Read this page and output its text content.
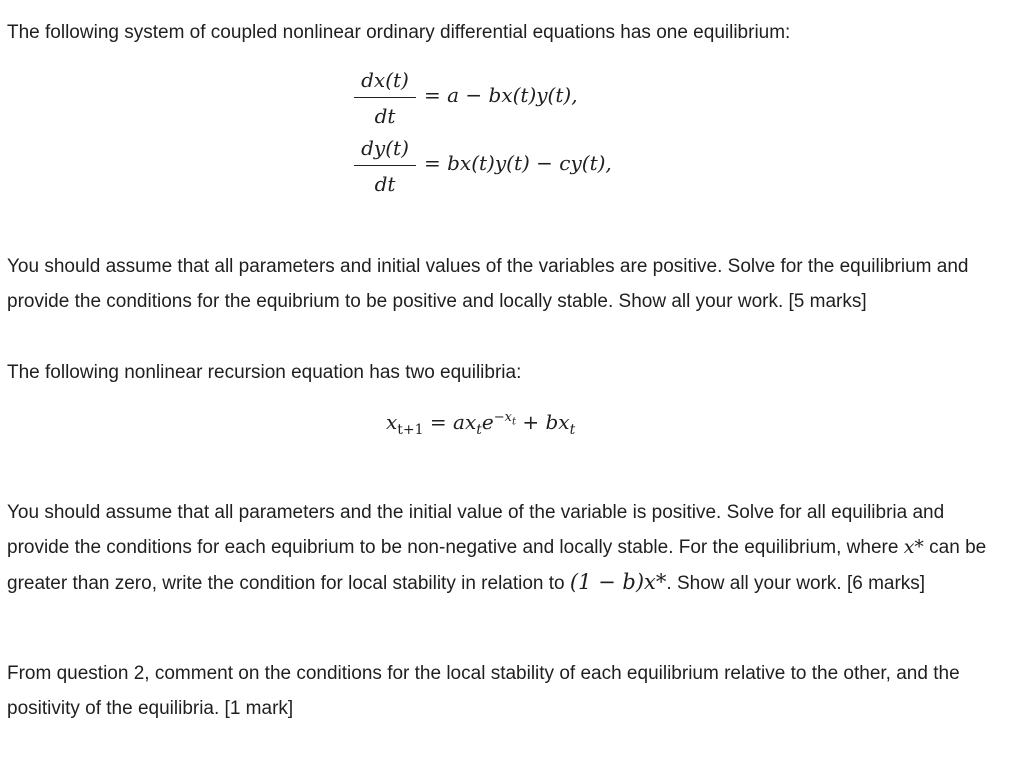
The following system of coupled nonlinear ordinary differential equations has one equilibrium:

dx(t)
dt
= a − bx(t)y(t),
dy(t)
dt
= bx(t)y(t) − cy(t),

You should assume that all parameters and initial values of the variables are positive. Solve for the equilibrium and provide the conditions for the equibrium to be positive and locally stable. Show all your work. [5 marks]

The following nonlinear recursion equation has two equilibria:

$x_{t+1} = ax_te^{-x_t} + bx_t$

You should assume that all parameters and the initial value of the variable is positive. Solve for all equilibria and provide the conditions for each equibrium to be non-negative and locally stable. For the equilibrium, where x* can be greater than zero, write the condition for local stability in relation to (1 − b)x*. Show all your work. [6 marks]

From question 2, comment on the conditions for the local stability of each equilibrium relative to the other, and the positivity of the equilibria. [1 mark]
